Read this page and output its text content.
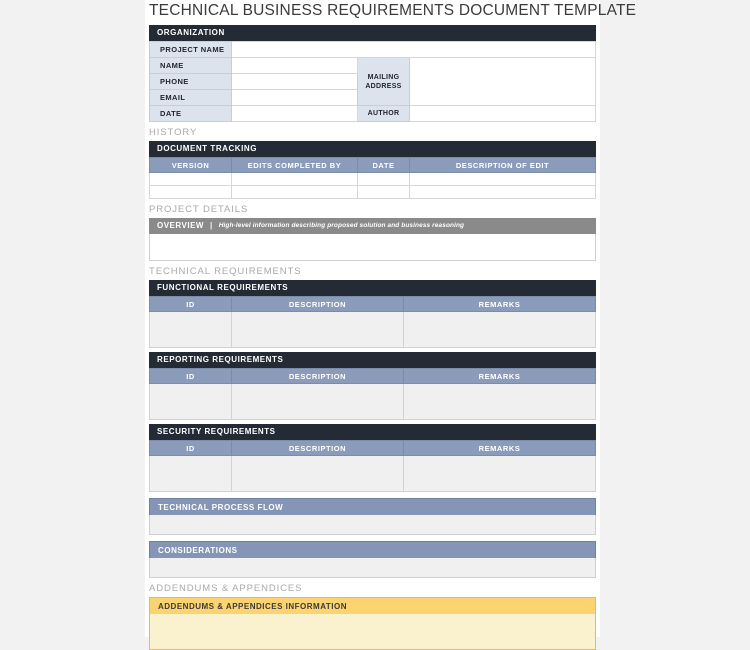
TECHNICAL BUSINESS REQUIREMENTS DOCUMENT TEMPLATE
ORGANIZATION
PROJECT NAME			
NAME		MAILING ADDRESS	
PHONE			
EMAIL			
DATE		AUTHOR	
HISTORY
DOCUMENT TRACKING
VERSION	EDITS COMPLETED BY	DATE	DESCRIPTION OF EDIT

PROJECT DETAILS
OVERVIEW | High-level information describing proposed solution and business reasoning
TECHNICAL REQUIREMENTS
FUNCTIONAL REQUIREMENTS
ID	DESCRIPTION	REMARKS

REPORTING REQUIREMENTS
ID	DESCRIPTION	REMARKS

SECURITY REQUIREMENTS
ID	DESCRIPTION	REMARKS

TECHNICAL PROCESS FLOW
CONSIDERATIONS
ADDENDUMS & APPENDICES
ADDENDUMS & APPENDICES INFORMATION
